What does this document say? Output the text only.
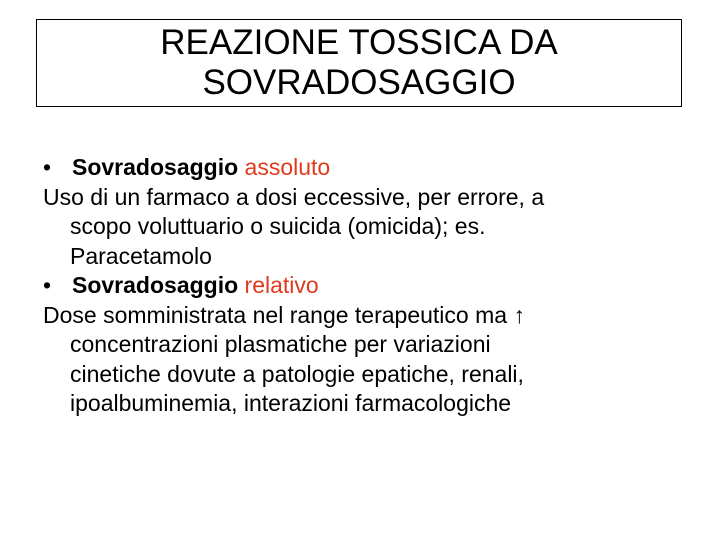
REAZIONE TOSSICA DA
SOVRADOSAGGIO
• Sovradosaggio
assoluto
Uso di un farmaco a dosi eccessive, per errore, a
scopo voluttuario o suicida (omicida); es.
Paracetamolo
• Sovradosaggio
relativo
Dose somministrata nel range terapeutico ma ↑
concentrazioni plasmatiche per variazioni
cinetiche dovute a patologie epatiche, renali,
ipoalbuminemia, interazioni farmacologiche
